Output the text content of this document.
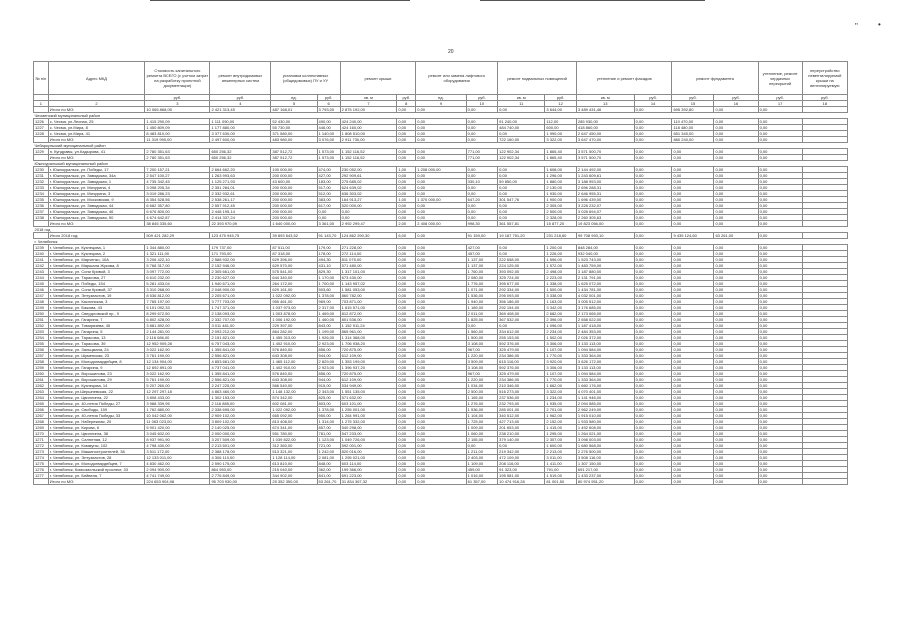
"	•
20
№ п/п	Адрес МКД	Стоимость капитального ремонта ВСЕГО (с учетом затрат на разработку проектной документации)	ремонт внутридомовых инженерных систем	установка коллективных (общедомовых) ПУ и УУ		ремонт крыши		ремонт или замена лифтового оборудования		ремонт подвальных помещений		утепление и ремонт фасадов		ремонт фундамента		утепление, ремонт чердачных перекрытий	переустройство невентилируемой крыши на вентилируемую
		руб.	руб.	ед.	руб.	кв. м	руб.	ед.	руб.	кв. м	руб.	кв. м	руб.	руб.	руб.	руб.	руб.
1	2	3	4	5	6	7	8	9	10	11	12	13	14	15	16	17	18
	Итого по МО:	10 065 868,05	2 421 313,45	487 168,01	3 793,00	2 875 192,00	0,00	0,00	0,00	0,00	3 644,00	3 489 431,46	0,00	695 392,80	0,00	0,00	
Чесменский муниципальный район																	
1226	с. Чесма, ул.Лесная, 25	1 415 290,09	1 111 090,00	52 430,00	490,00	424 240,00	0,00	0,00	0,00	91 240,00	112,00	285 930,00	0,00	110 470,00	0,00	0,00	
1227	с. Чесма, ул.Мира, 8	1 450 809,09	1 177 880,00	55 730,00	446,00	424 160,00	0,00	0,00	0,00	484 740,00	600,00	418 860,00	0,00	118 480,00	0,00	0,00	
1228	с. Чесма, ул.Мира, 41	8 483 810,00	3 377 630,00	371 580,00	1 140,00	1 808 510,00	0,00	0,00	0,00	0,00	1 990,00	2 647 450,00	0,00	651 340,00	0,00	0,00	
	Итого по МО:	11 319 990,00	2 497 600,00	483 980,00	3 076,00	2 911 730,00	0,00	0,00	0,00	722 160,00	3 322,00	3 647 470,00	0,00	880 240,00	0,00	0,00	
Чебаркульский муниципальный район																	
1229	п. Кундравы, ул.Кадырова, 41	2 780 351,63	650 256,32	387 512,72	1 573,00	1 152 116,52	0,00	0,00	771,00	122 902,34	1 865,40	3 571 500,70	0,00	0,00	0,00	0,00	
	Итого по МО:	2 780 351,63	650 256,32	387 512,72	1 573,00	1 152 116,52	0,00	0,00	771,00	122 902,34	1 865,40	3 571 500,70	0,00	0,00	0,00	0,00	
Южноуральский муниципальный район																	
1230	г. Южноуральск, ул. Победы, 17	7 200 157,21	2 664 662,20	100 000,00	474,00	230 052,00	1,00	1 208 000,00	0,00	0,00	1 608,00	2 144 492,00	0,00	0,00	0,00	0,00	
1231	г. Южноуральск, ул. Заводская, 34а	2 547 100,27	1 263 993,63	200 000,00	427,00	292 909,61	0,00	0,00	0,00	0,00	1 296,00	1 243 609,61	0,00	0,00	0,00	0,00	
1232	г. Южноуральск, ул. Заводская, 1	4 735 342,45	1 125 271,93	43 600,00	183,00	275 685,02	0,00	0,00	330,10	59 850,00	1 880,00	3 188 953,00	0,00	0,00	0,00	0,00	
1233	г. Южноуральск, ул. Мичурина, 4	3 098 205,34	2 351 284,01	200 000,00	517,00	624 639,02	0,00	0,00	0,00	0,00	2 130,00	2 696 288,31	0,00	0,00	0,00	0,00	
1234	г. Южноуральск, ул. Мичурина, 3	3 019 286,23	2 332 932,61	200 000,00	512,00	636 303,02	0,00	0,00	0,00	0,00	1 930,00	2 646 955,31	0,00	0,00	0,00	0,00	
1235	г. Южноуральск, ул. Московская, 9	8 354 528,56	2 538 261,17	200 000,00	383,00	164 913,27	1,00	1 370 000,00	647,20	301 547,76	1 900,00	1 696 439,00	0,00	0,00	0,00	0,00	
1236	г. Южноуральск, ул. Заводская, 44	6 682 357,80	2 557 912,45	200 000,00	617,00	520 000,00	0,00	0,00	0,00	0,00	2 305,00	3 228 232,07	0,00	0,00	0,00	0,00	
1237	г. Южноуральск, ул. Заводская, 46	6 676 800,00	2 448 195,14	200 000,00	0,00	0,00	0,00	0,00	0,00	0,00	2 500,00	3 028 694,07	0,00	0,00	0,00	0,00	
1238	г. Южноуральск, ул. Заводская, 50	4 674 642,87	2 414 337,24	200 000,00	0,00	0,00	0,00	0,00	0,00	0,00	2 328,00	2 260 305,63	0,00	0,00	0,00	0,00	
	Итого по МО:	38 845 335,60	22 393 970,09	1 640 000,00	3 361,00	2 992 299,47	2,00	2 408 000,00	998,30	361 557,81	15 877,20	19 823 056,00	0,00	0,00	0,00	0,00	
2018 год																	
	Итого 2018 год:	509 421 282,29	123 475 945,75	39 893 643,52	91 143,70	124 862 290,30	6,00	0,00	91 159,00	19 187 751,20	231 218,60	99 708 993,10	0,00	9 435 124,60	63 261,00	0,00	
г. Челябинск																	
1239	г. Челябинск, ул. Кузнецова, 1	1 344 880,00	179 737,00	87 511,00	179,00	271 228,00	0,00	0,00	427,00	0,00	1 200,00	848 284,00	0,00	0,00	0,00	0,00	
1240	г. Челябинск, ул. Кузнецова, 2	1 321 111,00	171 793,00	87 318,00	178,00	272 114,00	0,00	0,00	457,00	0,00	1 226,00	932 040,00	0,00	0,00	0,00	0,00	
1241	г. Челябинск, ул. Марченко, 10А	3 206 422,10	2 588 932,00	629 396,00	494,30	811 075,00	0,00	0,00	1 137,00	222 658,00	1 596,00	1 523 743,00	0,00	0,00	0,00	0,00	
1242	г. Челябинск, ул. Маршала Жукова, 8	5 768 317,00	2 152 946,00	629 570,00	431,10	571 480,00	0,00	0,00	1 137,00	224 125,00	1 572,00	1 483 759,00	0,00	0,00	0,00	0,00	
1243	г. Челябинск, ул. Сони Кривой, 3	3 097 772,00	2 305 661,00	575 541,00	829,30	1 317 101,00	0,00	0,00	1 760,00	393 092,00	2 498,00	3 187 880,00	0,00	0,00	0,00	0,00	
1244	г. Челябинск, ул. Тарасова, 27	6 610 232,00	2 230 627,00	644 340,00	1 170,00	673 430,00	0,00	0,00	2 080,00	325 724,00	2 223,00	2 131 791,00	0,00	0,00	0,00	0,00	
1245	г. Челябинск, ул. Победы, 154	5 281 433,04	1 940 671,00	264 172,00	1 700,00	1 143 957,02	0,00	0,00	1 776,00	395 677,00	1 338,00	1 625 072,00	0,00	0,00	0,00	0,00	
1246	г. Челябинск, ул. Сони Кривой, 37	3 310 268,00	2 048 900,00	629 161,00	503,60	1 581 053,00	0,00	0,00	1 071,00	292 334,00	1 500,00	1 434 781,00	0,00	0,00	0,00	0,00	
1247	г. Челябинск, ул. Энтузиастов, 19	8 536 812,00	2 205 671,00	1 022 092,00	1 378,00	860 782,00	0,00	0,00	1 536,00	295 093,00	3 338,00	4 032 001,00	0,00	0,00	0,00	0,00	
1248	г. Челябинск, ул. Каслинская, 3	7 765 197,00	3 777 703,00	955 461,00	969,00	703 871,00	0,00	0,00	1 940,00	356 186,00	1 163,00	3 005 512,00	0,00	0,00	0,00	0,00	
1249	г. Челябинск, ул. Бажова, 43	5 101 092,33	1 747 371,00	1 037 973,00	2 317,00	1 615 571,00	0,00	0,00	1 189,00	292 154,00	3 342,00	3 176 685,00	0,00	0,00	0,00	0,00	
1250	г. Челябинск, ул. Свердловский пр., 9	8 299 672,50	2 138 093,00	1 003 878,00	1 469,00	812 872,00	0,00	0,00	2 011,00	369 408,00	2 682,00	2 173 065,00	0,00	0,00	0,00	0,00	
1251	г. Челябинск, ул. Гагарина, 7	6 802 428,00	2 332 707,00	1 006 192,00	1 460,00	801 536,00	0,00	0,00	1 825,00	367 532,00	2 396,00	2 658 022,00	0,00	0,00	0,00	0,00	
1252	г. Челябинск, ул. Тимирязева, 45	3 881 892,00	3 011 481,00	229 397,00	843,00	1 152 911,24	0,00	0,00	0,00	0,00	1 096,00	1 187 418,00	0,00	0,00	0,00	0,00	
1253	г. Челябинск, ул. Гагарина, 5	2 144 281,00	2 093 212,00	864 282,00	1 199,00	865 961,00	0,00	0,00	1 560,00	334 612,00	2 234,00	2 484 353,00	0,00	0,00	0,00	0,00	
1254	г. Челябинск, ул. Тарасова, 13	2 116 086,00	2 151 821,00	1 455 313,00	1 926,00	1 314 368,00	0,00	0,00	1 500,00	255 153,00	1 502,00	2 026 372,00	0,00	0,00	0,00	0,00	
1255	г. Челябинск, ул. Тарасова, 39	12 952 909,28	6 757 043,00	1 402 910,00	2 923,00	1 706 938,20	0,00	0,00	3 108,00	592 376,00	3 306,00	3 133 113,00	0,00	0,00	0,00	0,00	
1256	г. Челябинск, ул. Зальцмана, 24	3 022 162,90	1 355 841,00	576 840,00	856,00	720 875,00	0,00	0,00	967,00	325 479,00	1 107,00	1 094 584,00	0,00	0,00	0,00	0,00	
1257	г. Челябинск, ул. Шуменская, 23	3 761 190,00	2 556 821,00	643 308,00	944,00	612 109,00	0,00	0,00	1 220,00	234 386,00	1 770,00	1 333 364,00	0,00	0,00	0,00	0,00	
1258	г. Челябинск, ул. Молодогвардейцев, 8	12 134 904,00	4 853 661,00	1 465 112,00	2 829,00	1 353 199,00	0,00	0,00	3 509,00	615 116,00	3 920,00	3 626 172,00	0,00	0,00	0,00	0,00	
1259	г. Челябинск, ул. Гагарина, 9	12 692 891,00	4 737 041,00	1 402 910,00	2 923,00	1 396 937,20	0,00	0,00	3 108,00	592 376,00	3 306,00	3 133 113,00	0,00	0,00	0,00	0,00	
1260	г. Челябинск, ул. Ворошилова, 23	3 022 162,90	1 355 841,00	576 840,00	856,00	720 875,00	0,00	0,00	967,00	325 479,00	1 107,00	1 094 584,00	0,00	0,00	0,00	0,00	
1261	г. Челябинск, ул. Ворошилова, 29	5 761 190,00	2 556 821,00	643 308,00	944,00	612 109,00	0,00	0,00	1 220,00	234 386,00	1 770,00	1 333 364,00	0,00	0,00	0,00	0,00	
1262	г. Челябинск, ул. Кузнецова, 14	5 207 260,00	2 247 225,00	566 540,00	915,00	534 949,00	0,00	0,00	1 034,00	210 346,00	1 662,00	1 660 176,00	0,00	0,00	0,00	0,00	
1263	г. Челябинск, ул.Шершневская, 22	12 297 297,18	4 863 460,00	1 148 132,00	2 343,00	1 551 135,00	0,00	0,00	2 500,00	516 273,00	3 322,00	4 070 401,00	0,00	0,00	0,00	0,00	
1264	г. Челябинск, ул. Цвиллинга, 22	3 808 433,00	1 302 153,00	574 342,00	825,00	571 632,00	0,00	0,00	1 165,00	237 536,00	1 234,00	1 141 946,00	0,00	0,00	0,00	0,00	
1265	г. Челябинск, ул. 40-летия Победы, 27	3 988 339,95	2 116 885,00	602 081,00	803,00	603 101,00	0,00	0,00	1 276,00	232 793,00	1 935,00	2 094 585,00	0,00	0,00	0,00	0,00	
1266	г. Челябинск, ул. Свободы, 159	1 762 880,00	2 338 695,00	1 022 092,00	1 378,00	1 255 001,00	0,00	0,00	1 536,00	285 001,00	2 701,00	2 962 249,00	0,00	0,00	0,00	0,00	
1267	г. Челябинск, ул. 40-летия Победы, 33	10 042 062,00	2 909 102,00	665 092,00	950,00	1 264 991,00	0,00	0,00	1 104,00	340 512,00	1 962,00	1 915 010,00	0,00	0,00	0,00	0,00	
1268	г. Челябинск, ул. Набережная, 20	11 063 023,00	3 809 102,00	813 408,00	1 314,00	1 275 332,00	0,00	0,00	1 725,00	427 713,00	2 152,00	1 933 580,00	0,00	0,00	0,00	0,00	
1269	г. Челябинск, ул. Кирова, 6	5 901 420,00	2 140 025,00	674 341,00	857,00	540 298,00	0,00	0,00	1 009,00	201 653,00	1 415,00	1 492 608,00	0,00	0,00	0,00	0,00	
1270	г. Челябинск, ул. Цвиллинга, 38	3 045 602,00	2 000 000,00	551 780,00	781,00	547 233,00	0,00	0,00	1 060,00	238 210,00	1 295,00	1 264 021,00	0,00	0,00	0,00	0,00	
1271	г. Челябинск, ул. Салютная, 12	8 937 991,90	3 207 509,00	1 039 822,00	1 123,00	1 049 726,00	0,00	0,00	2 155,00	379 140,00	2 307,00	3 098 003,00	0,00	0,00	0,00	0,00	
1272	г. Челябинск, ул. Коммуны, 102	4 798 430,00	2 213 501,00	312 360,00	721,00	592 001,00	0,00	0,00	0,00	0,00	1 600,00	1 680 568,00	0,00	0,00	0,00	0,00	
1273	г. Челябинск, ул. Машиностроителей, 38	3 511 172,00	2 388 178,00	513 321,00	1 242,00	820 016,00	0,00	0,00	1 211,00	219 342,00	2 213,00	2 276 500,00	0,00	0,00	0,00	0,00	
1274	г. Челябинск, ул. Энтузиастов, 28	12 133 011,00	4 306 110,00	1 128 114,00	2 081,00	1 295 021,00	0,00	0,00	2 403,00	472 109,00	3 011,00	3 508 116,00	0,00	0,00	0,00	0,00	
1275	г. Челябинск, ул. Молодогвардейцев, 7	4 830 462,00	2 590 175,00	613 810,00	848,00	603 114,00	0,00	0,00	1 109,00	208 116,00	1 411,00	1 307 150,00	0,00	0,00	0,00	0,00	
1276	г. Челябинск, Комсомольский проспект, 33	2 094 900,00	864 953,00	215 040,00	362,00	199 366,00	0,00	0,00	459,00	91 323,00	791,00	691 217,00	0,00	0,00	0,00	0,00	
1277	г. Челябинск, ул. Бейвеля, 7	4 741 749,00	2 776 849,00	344 902,00	841,00	691 223,00	0,00	0,00	1 016,00	195 581,00	1 519,00	1 433 237,00	0,00	0,00	0,00	0,00	
	Итого по МО:	224 653 904,98	95 703 930,00	25 352 350,00	53 261,70	31 834 367,32	0,00	0,00	61 357,00	10 474 916,28	81 001,50	80 974 951,20	0,00	0,00	0,00	0,00	
